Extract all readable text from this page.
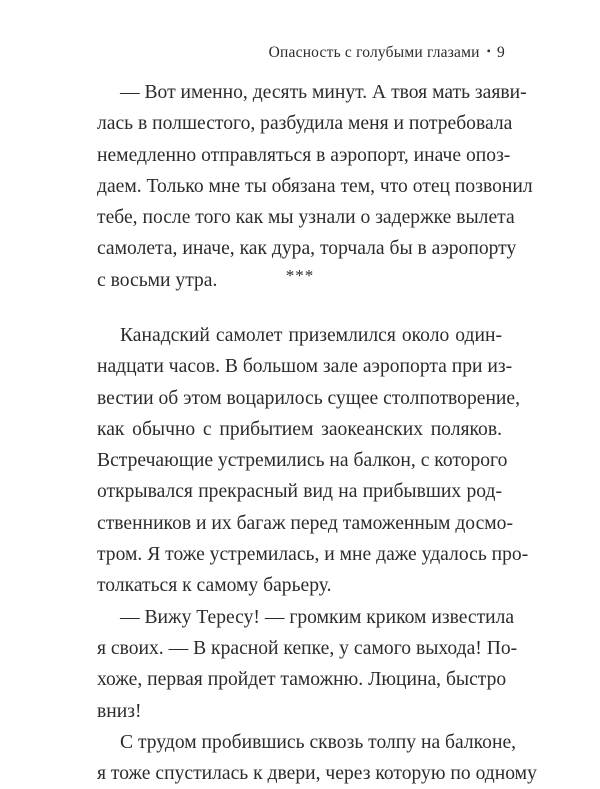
Опасность с голубыми глазами • 9
— Вот именно, десять минут. А твоя мать заяви-
лась в полшестого, разбудила меня и потребовала
немедленно отправляться в аэропорт, иначе опоз-
даем. Только мне ты обязана тем, что отец позвонил
тебе, после того как мы узнали о задержке вылета
самолета, иначе, как дура, торчала бы в аэропорту
с восьми утра.	***
Канадский самолет приземлился около один-
надцати часов. В большом зале аэропорта при из-
вестии об этом воцарилось сущее столпотворение,
как обычно с прибытием заокеанских поляков.
Встречающие устремились на балкон, с которого
открывался прекрасный вид на прибывших род-
ственников и их багаж перед таможенным досмо-
тром. Я тоже устремилась, и мне даже удалось про-
толкаться к самому барьеру.
— Вижу Тересу! — громким криком известила
я своих. — В красной кепке, у самого выхода! По-
хоже, первая пройдет таможню. Люцина, быстро
вниз!
С трудом пробившись сквозь толпу на балконе,
я тоже спустилась к двери, через которую по одному
